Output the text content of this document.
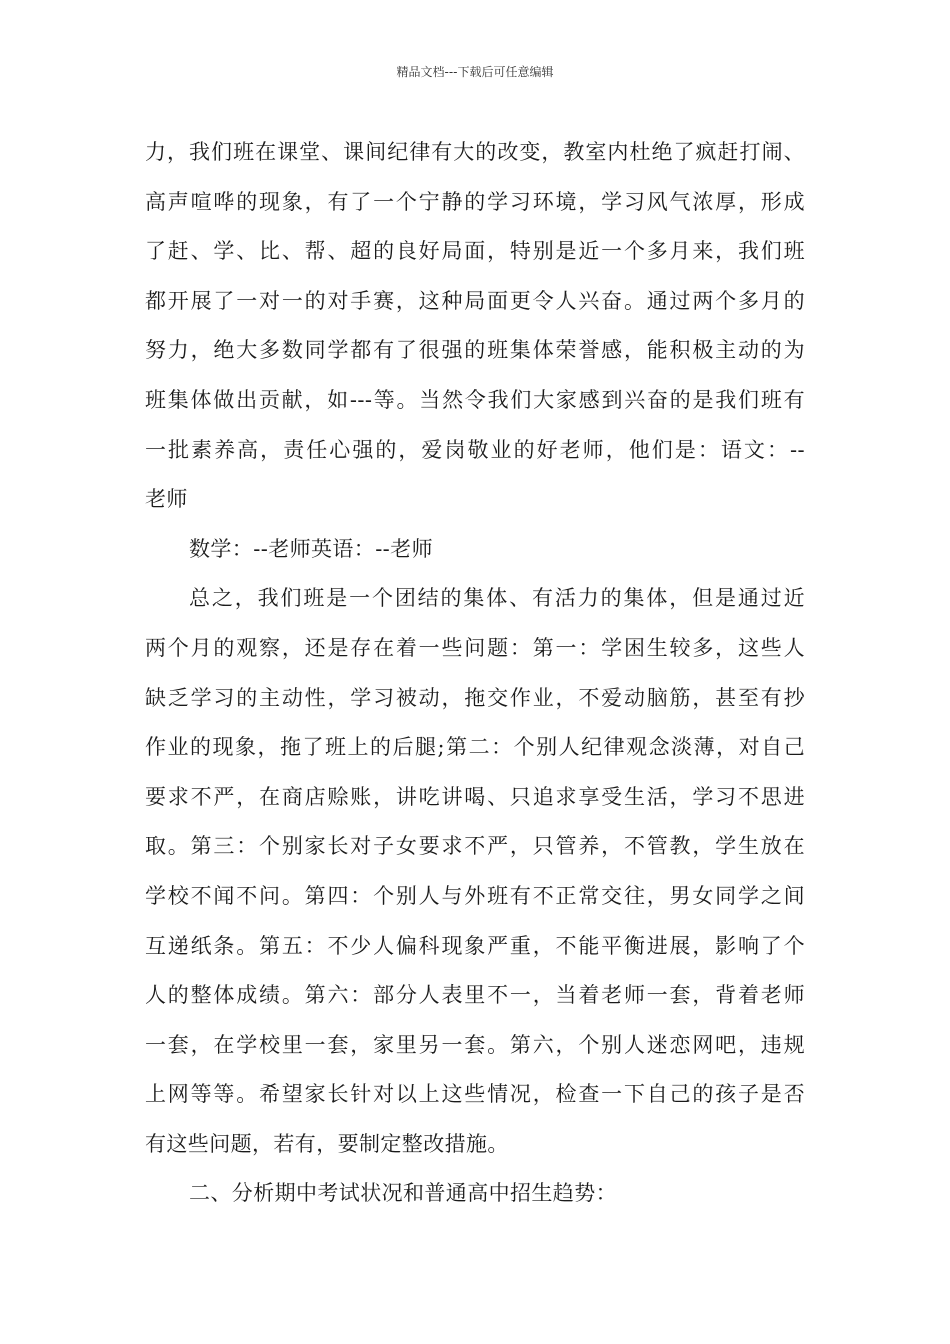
精品文档---下载后可任意编辑
力，我们班在课堂、课间纪律有大的改变，教室内杜绝了疯赶打闹、
高声喧哗的现象，有了一个宁静的学习环境，学习风气浓厚，形成
了赶、学、比、帮、超的良好局面，特别是近一个多月来，我们班
都开展了一对一的对手赛，这种局面更令人兴奋。通过两个多月的
努力，绝大多数同学都有了很强的班集体荣誉感，能积极主动的为
班集体做出贡献，如---等。当然令我们大家感到兴奋的是我们班有
一批素养高，责任心强的，爱岗敬业的好老师，他们是：语文：--
老师
数学：--老师英语：--老师
总之，我们班是一个团结的集体、有活力的集体，但是通过近
两个月的观察，还是存在着一些问题：第一：学困生较多，这些人
缺乏学习的主动性，学习被动，拖交作业，不爱动脑筋，甚至有抄
作业的现象，拖了班上的后腿;第二：个别人纪律观念淡薄，对自己
要求不严，在商店赊账，讲吃讲喝、只追求享受生活，学习不思进
取。第三：个别家长对子女要求不严，只管养，不管教，学生放在
学校不闻不问。第四：个别人与外班有不正常交往，男女同学之间
互递纸条。第五：不少人偏科现象严重，不能平衡进展，影响了个
人的整体成绩。第六：部分人表里不一，当着老师一套，背着老师
一套，在学校里一套，家里另一套。第六，个别人迷恋网吧，违规
上网等等。希望家长针对以上这些情况，检查一下自己的孩子是否
有这些问题，若有，要制定整改措施。
二、分析期中考试状况和普通高中招生趋势：
